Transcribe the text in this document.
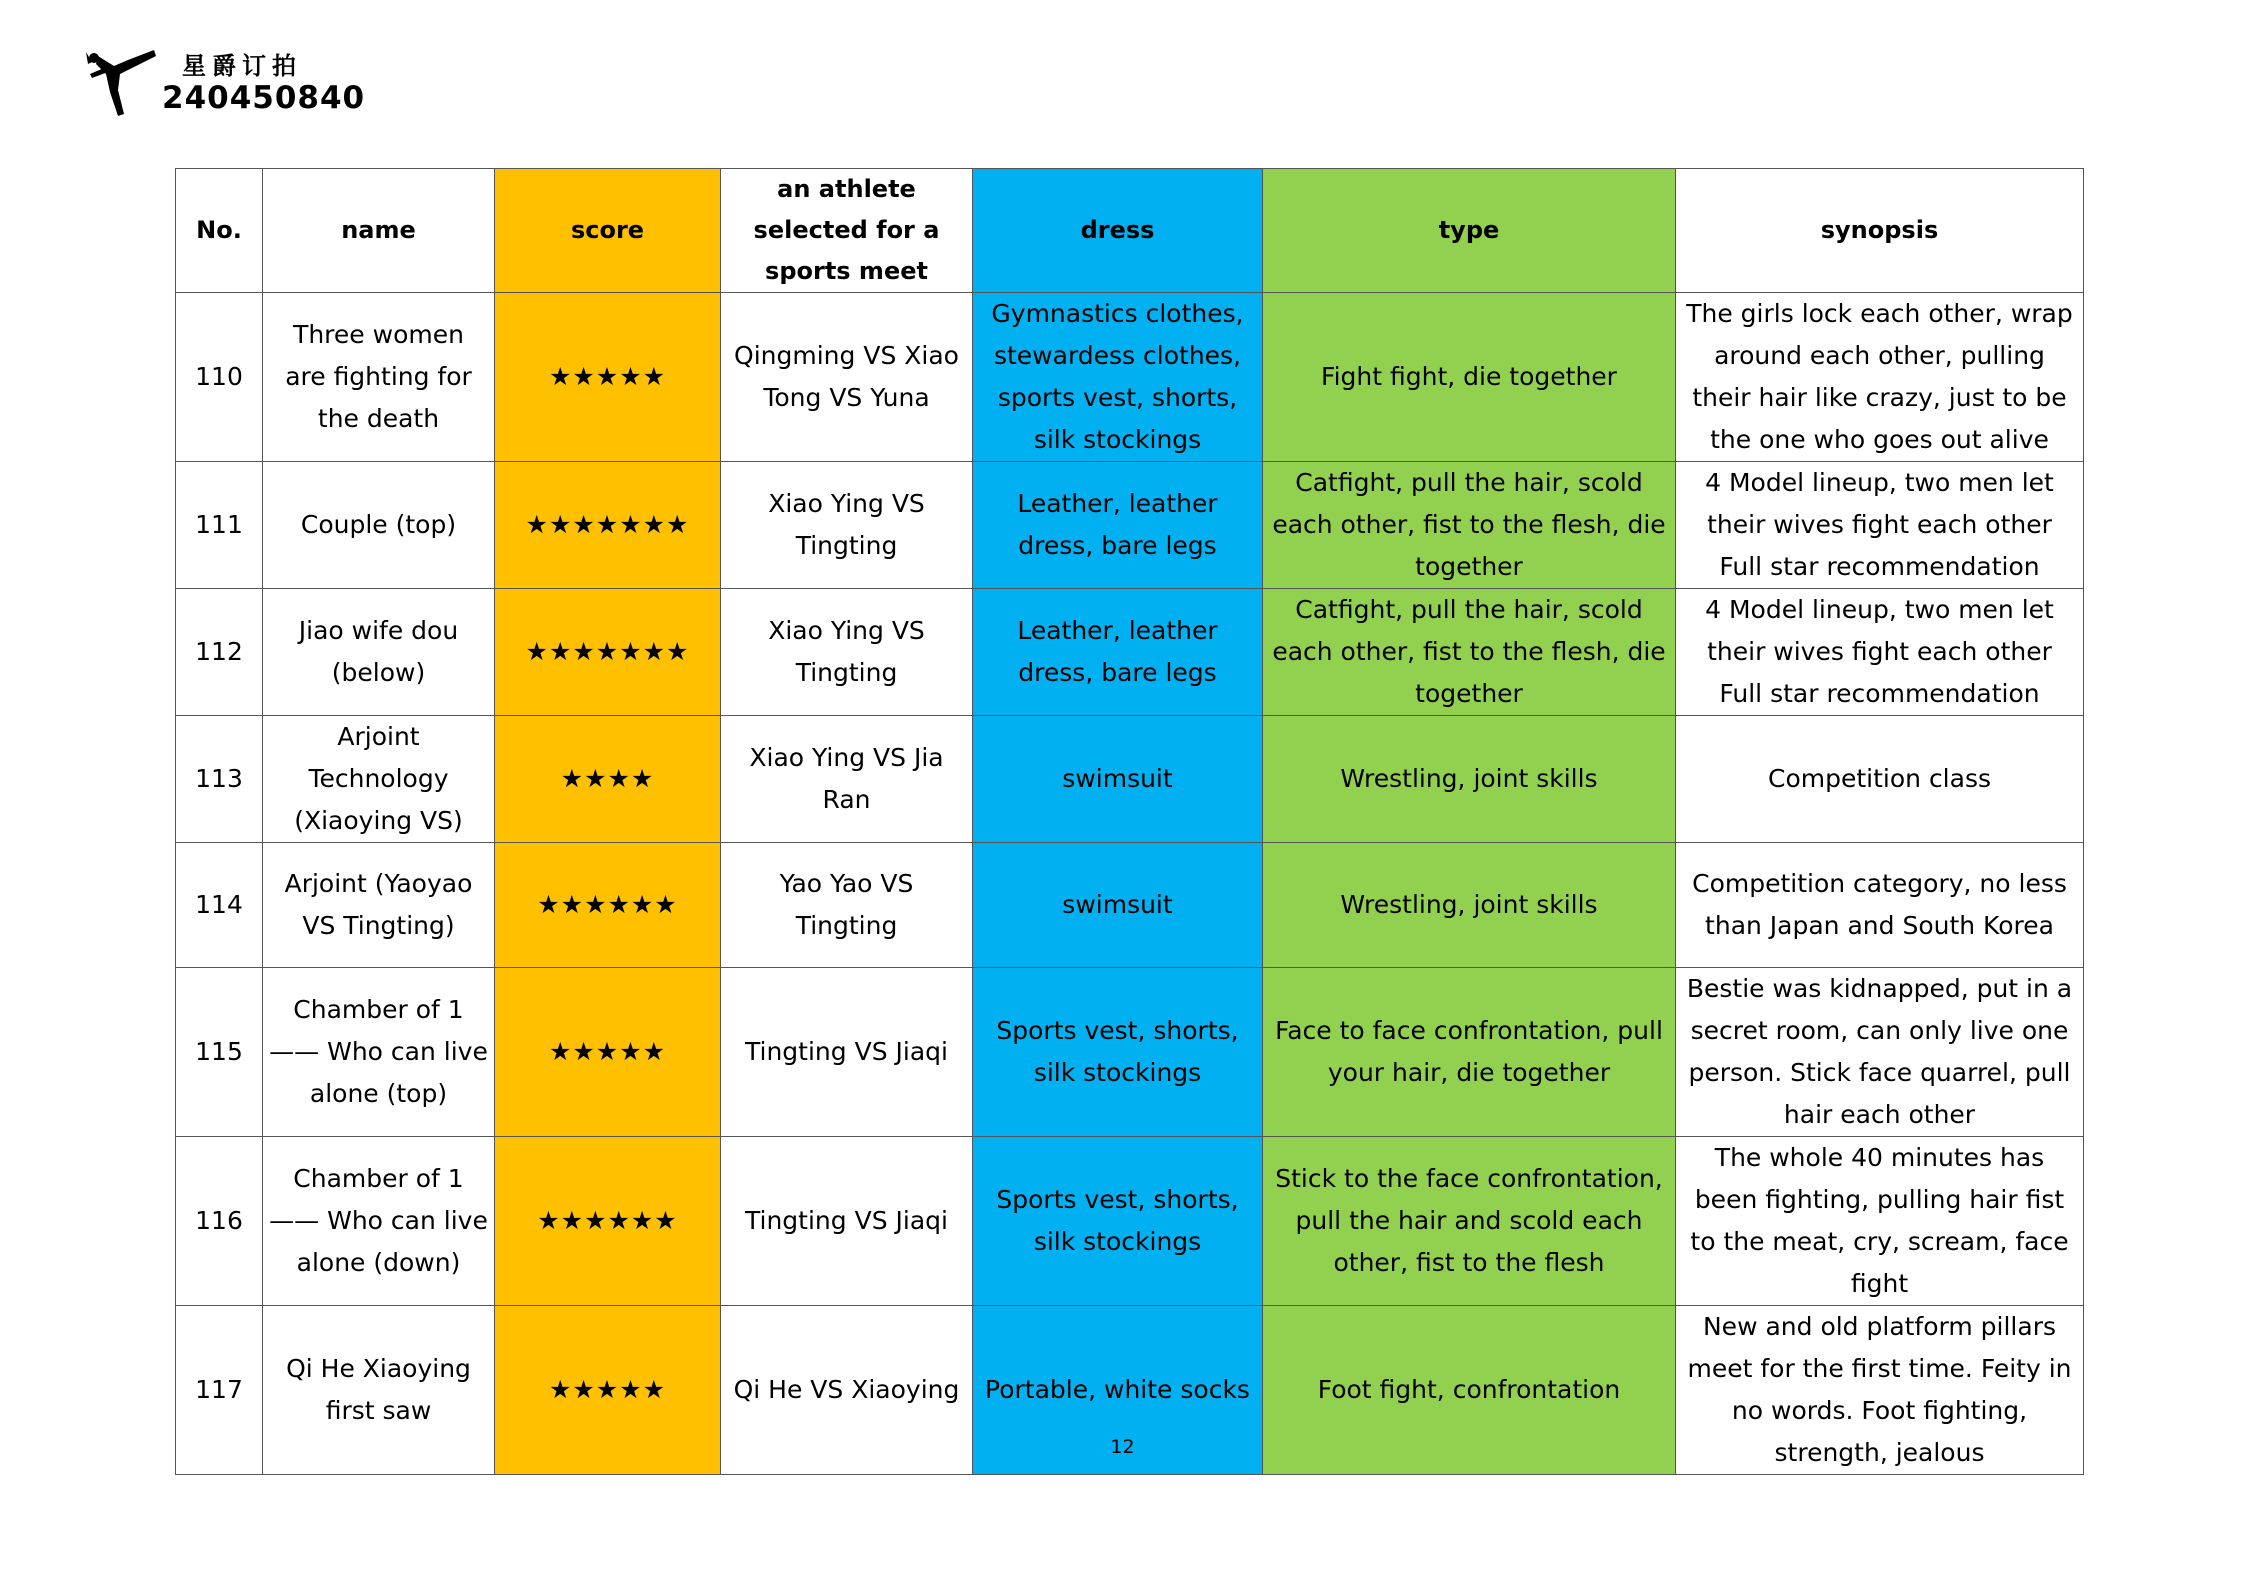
星爵订拍
240450840
No.	name	score	an athlete selected for a sports meet	dress	type	synopsis
110	Three women are fighting for the death	★★★★★	Qingming VS Xiao Tong VS Yuna	Gymnastics clothes, stewardess clothes, sports vest, shorts, silk stockings	Fight fight, die together	The girls lock each other, wrap around each other, pulling their hair like crazy, just to be the one who goes out alive
111	Couple (top)	★★★★★★★	Xiao Ying VS Tingting	Leather, leather dress, bare legs	Catfight, pull the hair, scold each other, fist to the flesh, die together	4 Model lineup, two men let their wives fight each other Full star recommendation
112	Jiao wife dou (below)	★★★★★★★	Xiao Ying VS Tingting	Leather, leather dress, bare legs	Catfight, pull the hair, scold each other, fist to the flesh, die together	4 Model lineup, two men let their wives fight each other Full star recommendation
113	Arjoint Technology (Xiaoying VS)	★★★★	Xiao Ying VS Jia Ran	swimsuit	Wrestling, joint skills	Competition class
114	Arjoint (Yaoyao VS Tingting)	★★★★★★	Yao Yao VS Tingting	swimsuit	Wrestling, joint skills	Competition category, no less than Japan and South Korea
115	Chamber of 1 —— Who can live alone (top)	★★★★★	Tingting VS Jiaqi	Sports vest, shorts, silk stockings	Face to face confrontation, pull your hair, die together	Bestie was kidnapped, put in a secret room, can only live one person. Stick face quarrel, pull hair each other
116	Chamber of 1 —— Who can live alone (down)	★★★★★★	Tingting VS Jiaqi	Sports vest, shorts, silk stockings	Stick to the face confrontation, pull the hair and scold each other, fist to the flesh	The whole 40 minutes has been fighting, pulling hair fist to the meat, cry, scream, face fight
117	Qi He Xiaoying first saw	★★★★★	Qi He VS Xiaoying	Portable, white socks	Foot fight, confrontation	New and old platform pillars meet for the first time. Feity in no words. Foot fighting, strength, jealous
12
